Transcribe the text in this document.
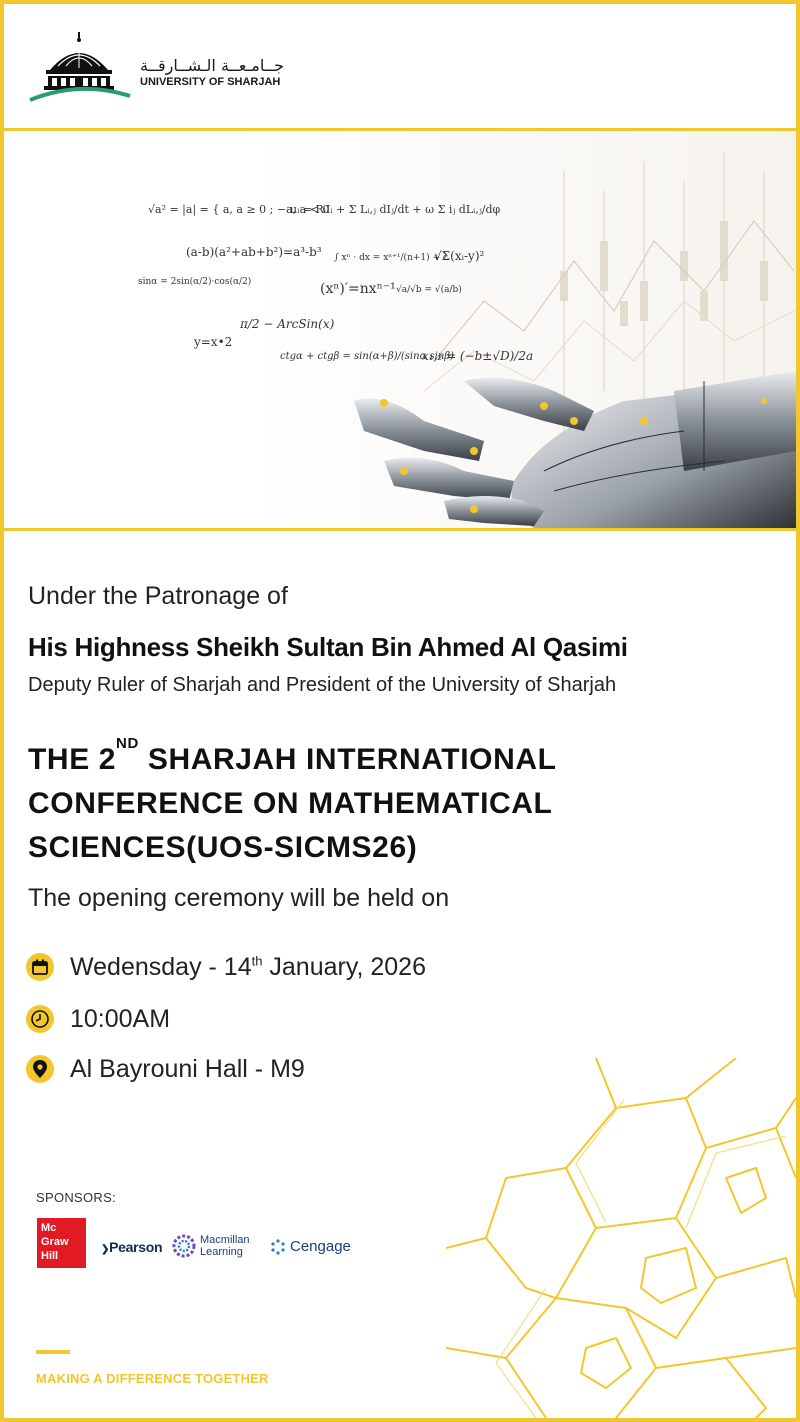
جــامـعــة الـشــارقــة
UNIVERSITY OF SHARJAH
√a² = |a| = { a, a ≥ 0 ; −a, a < 0
uᵢ = RᵢIᵢ + Σ Lᵢ,ⱼ dIⱼ/dt + ω Σ iⱼ dLᵢ,ⱼ/dφ
(a-b)(a²+ab+b²)=a³-b³ ∫ xⁿ · dx = xⁿ⁺¹/(n+1) + c
√Σ(xᵢ-y)²
sinα = 2sin(α/2)·cos(α/2)	(xⁿ)′=nxⁿ⁻¹ √a/√b = √(a/b)
π/2 − ArcSin(x)
y=x•2
ctgα + ctgβ = sin(α+β)/(sinα sinβ)
x₁,₂ = (−b±√D)/2a
Under the Patronage of
His Highness Sheikh Sultan Bin Ahmed Al Qasimi
Deputy Ruler of Sharjah and President of the University of Sharjah
THE 2ND SHARJAH INTERNATIONAL
CONFERENCE ON MATHEMATICAL
SCIENCES(UOS-SICMS26)
The opening ceremony will be held on
Wedensday - 14th January, 2026
10:00AM
Al Bayrouni Hall - M9
SPONSORS:
Mc
Graw
Hill
❯Pearson	Macmillan
Learning	Cengage
MAKING A DIFFERENCE TOGETHER
